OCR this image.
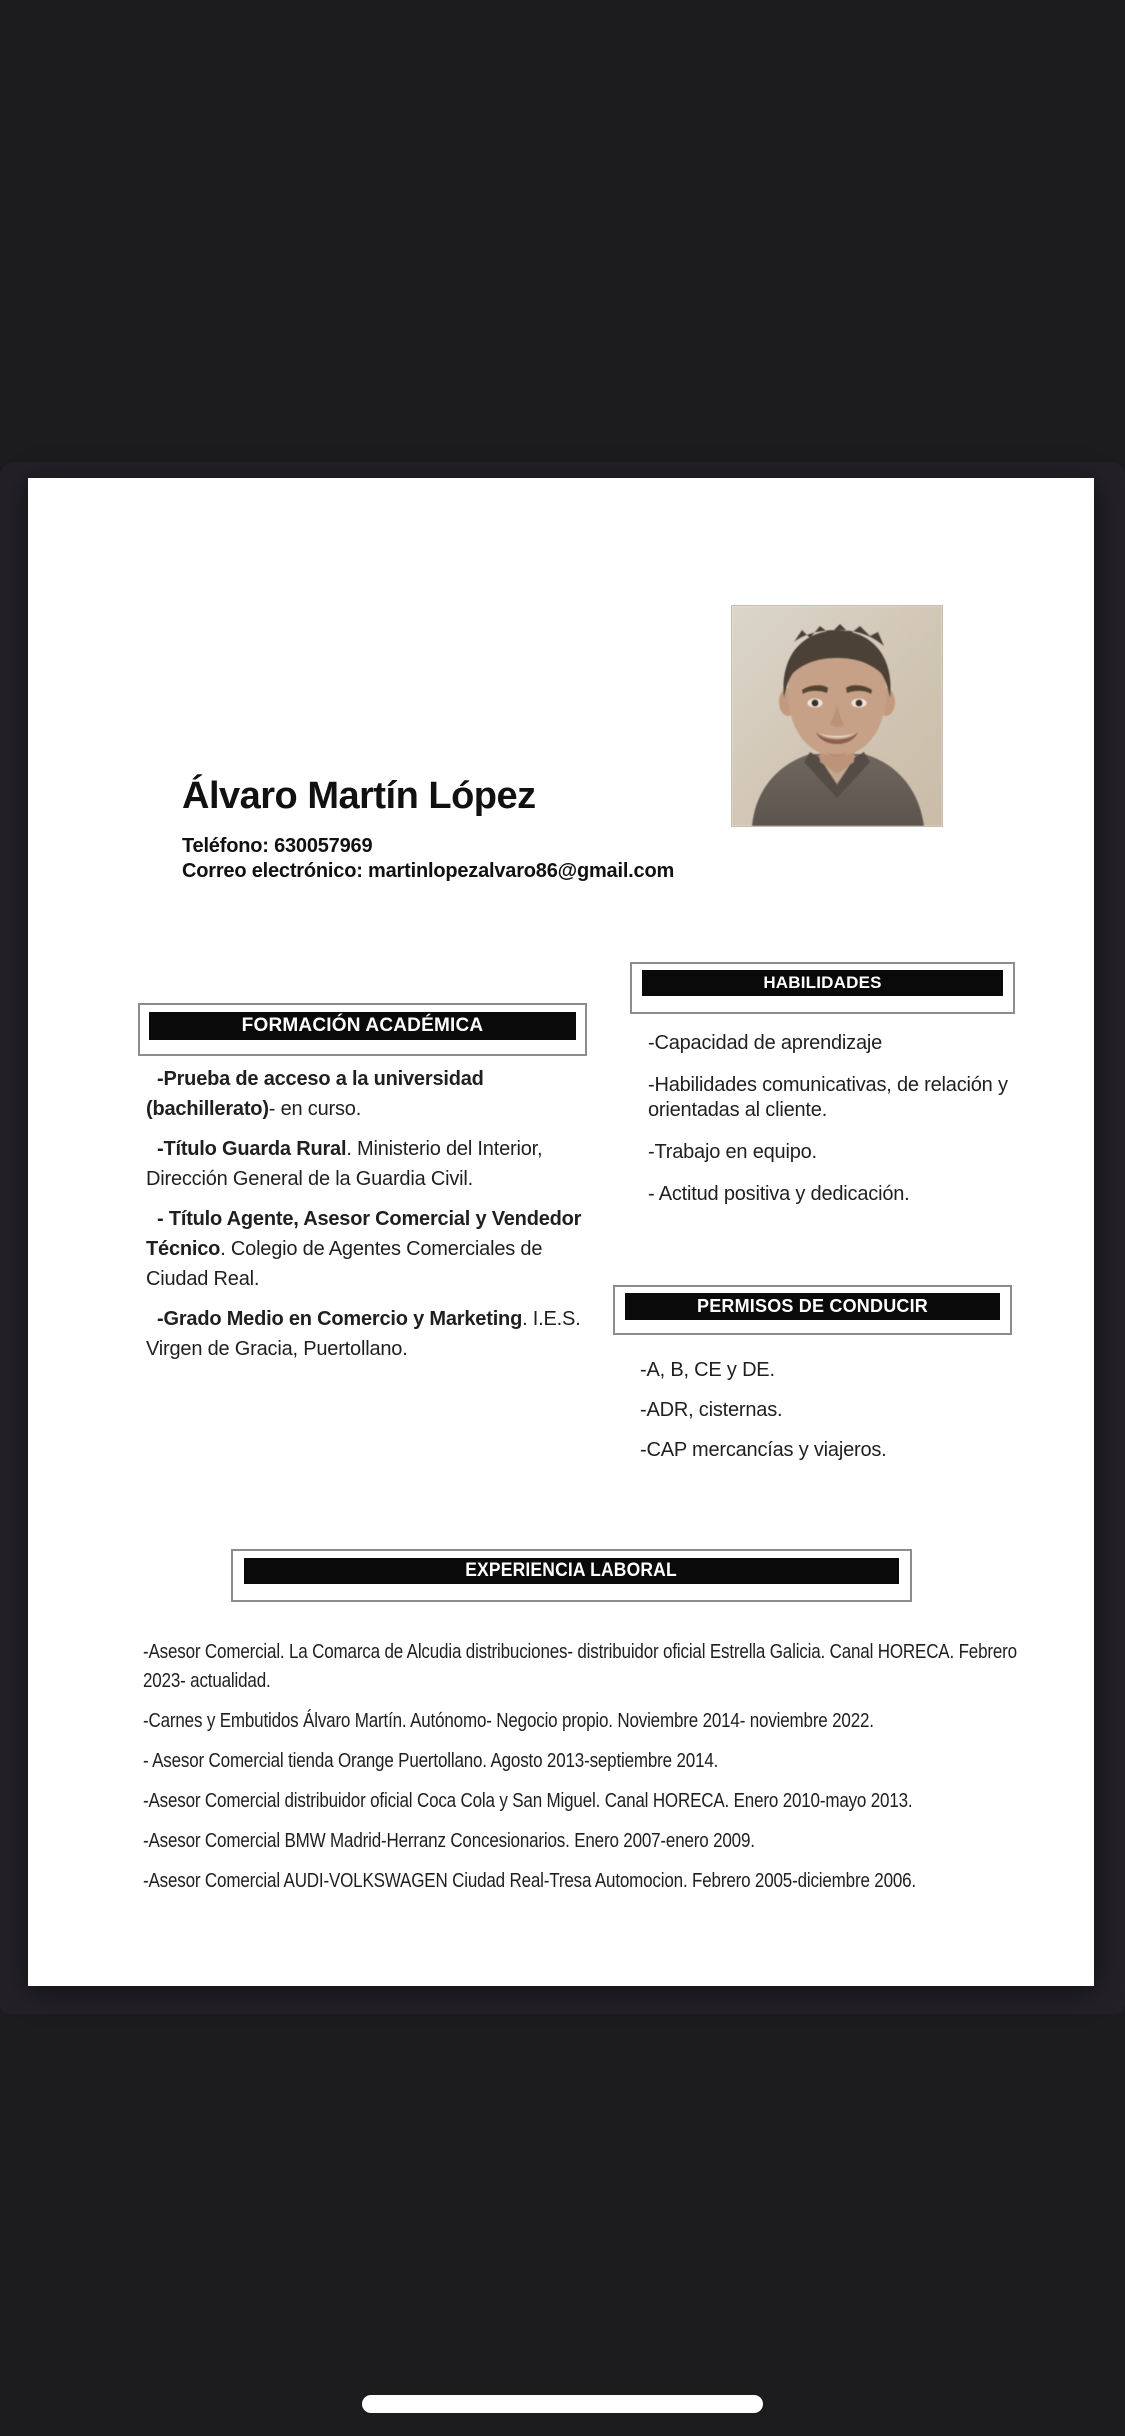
Álvaro Martín López
Teléfono: 630057969
Correo electrónico: martinlopezalvaro86@gmail.com
FORMACIÓN ACADÉMICA

-Prueba de acceso a la universidad (bachillerato)- en curso.

-Título Guarda Rural. Ministerio del Interior, Dirección General de la Guardia Civil.

- Título Agente, Asesor Comercial y Vendedor Técnico. Colegio de Agentes Comerciales de Ciudad Real.

-Grado Medio en Comercio y Marketing. I.E.S. Virgen de Gracia, Puertollano.

HABILIDADES

-Capacidad de aprendizaje

-Habilidades comunicativas, de relación y orientadas al cliente.

-Trabajo en equipo.

- Actitud positiva y dedicación.

PERMISOS DE CONDUCIR

-A, B, CE y DE.

-ADR, cisternas.

-CAP mercancías y viajeros.

EXPERIENCIA LABORAL

-Asesor Comercial. La Comarca de Alcudia distribuciones- distribuidor oficial Estrella Galicia. Canal HORECA. Febrero 2023- actualidad.

-Carnes y Embutidos Álvaro Martín. Autónomo- Negocio propio. Noviembre 2014- noviembre 2022.

- Asesor Comercial tienda Orange Puertollano. Agosto 2013-septiembre 2014.

-Asesor Comercial distribuidor oficial Coca Cola y San Miguel. Canal HORECA. Enero 2010-mayo 2013.

-Asesor Comercial BMW Madrid-Herranz Concesionarios. Enero 2007-enero 2009.

-Asesor Comercial AUDI-VOLKSWAGEN Ciudad Real-Tresa Automocion. Febrero 2005-diciembre 2006.
